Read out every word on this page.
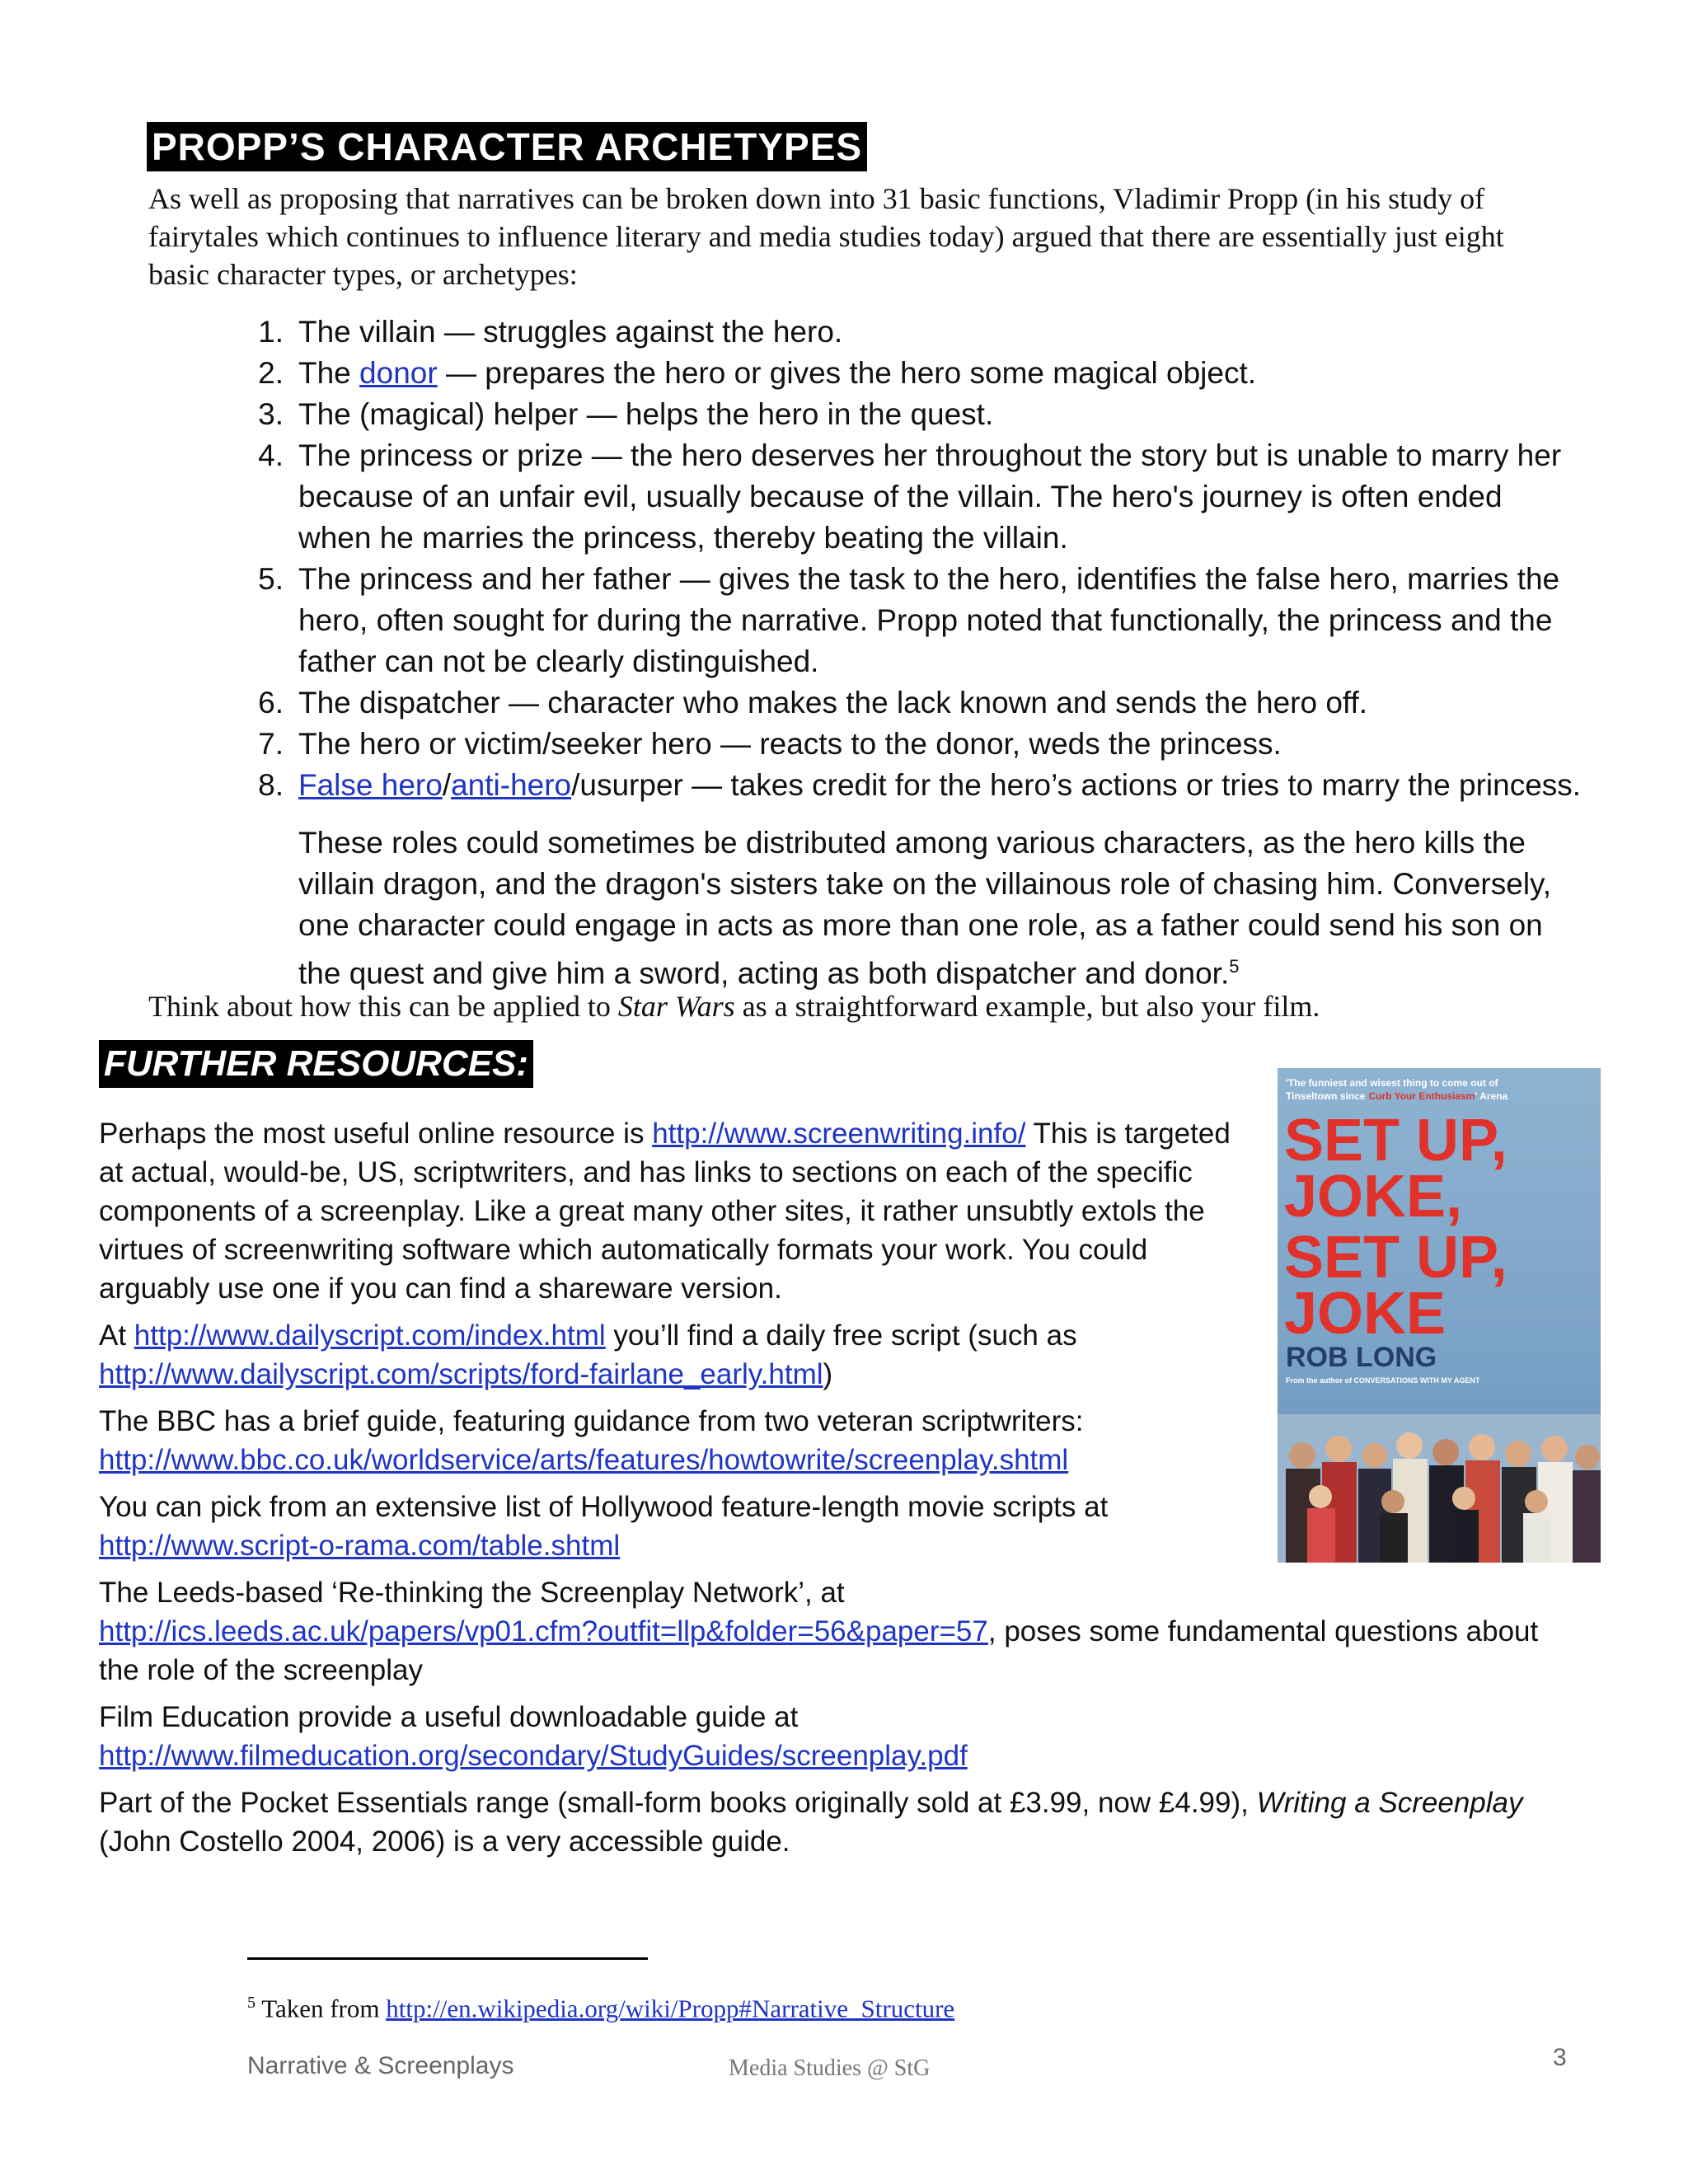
PROPP’S CHARACTER ARCHETYPES
As well as proposing that narratives can be broken down into 31 basic functions, Vladimir Propp (in his study of fairytales which continues to influence literary and media studies today) argued that there are essentially just eight basic character types, or archetypes:
1. The villain — struggles against the hero.
2. The donor — prepares the hero or gives the hero some magical object.
3. The (magical) helper — helps the hero in the quest.
4. The princess or prize — the hero deserves her throughout the story but is unable to marry her because of an unfair evil, usually because of the villain. The hero's journey is often ended when he marries the princess, thereby beating the villain.
5. The princess and her father — gives the task to the hero, identifies the false hero, marries the hero, often sought for during the narrative. Propp noted that functionally, the princess and the father can not be clearly distinguished.
6. The dispatcher — character who makes the lack known and sends the hero off.
7. The hero or victim/seeker hero — reacts to the donor, weds the princess.
8. False hero/anti-hero/usurper — takes credit for the hero’s actions or tries to marry the princess.
These roles could sometimes be distributed among various characters, as the hero kills the villain dragon, and the dragon's sisters take on the villainous role of chasing him. Conversely, one character could engage in acts as more than one role, as a father could send his son on the quest and give him a sword, acting as both dispatcher and donor.$^5$
Think about how this can be applied to Star Wars as a straightforward example, but also your film.
FURTHER RESOURCES:	'The funniest and wisest thing to come out of
Tinseltown since Curb Your Enthusiasm' Arena
SET UP,
JOKE,
SET UP,
JOKE
ROB LONG
From the author of CONVERSATIONS WITH MY AGENT

Perhaps the most useful online resource is http://www.screenwriting.info/ This is targeted at actual, would-be, US, scriptwriters, and has links to sections on each of the specific components of a screenplay. Like a great many other sites, it rather unsubtly extols the virtues of screenwriting software which automatically formats your work. You could arguably use one if you can find a shareware version.

At http://www.dailyscript.com/index.html you’ll find a daily free script (such as
http://www.dailyscript.com/scripts/ford-fairlane_early.html)

The BBC has a brief guide, featuring guidance from two veteran scriptwriters:
http://www.bbc.co.uk/worldservice/arts/features/howtowrite/screenplay.shtml

You can pick from an extensive list of Hollywood feature-length movie scripts at
http://www.script-o-rama.com/table.shtml

The Leeds-based ‘Re-thinking the Screenplay Network’, at
http://ics.leeds.ac.uk/papers/vp01.cfm?outfit=llp&folder=56&paper=57, poses some fundamental questions about the role of the screenplay

Film Education provide a useful downloadable guide at
http://www.filmeducation.org/secondary/StudyGuides/screenplay.pdf

Part of the Pocket Essentials range (small-form books originally sold at £3.99, now £4.99), Writing a Screenplay (John Costello 2004, 2006) is a very accessible guide.

$^5$ Taken from http://en.wikipedia.org/wiki/Propp#Narrative_Structure
Narrative & Screenplays	Media Studies @ StG	3
